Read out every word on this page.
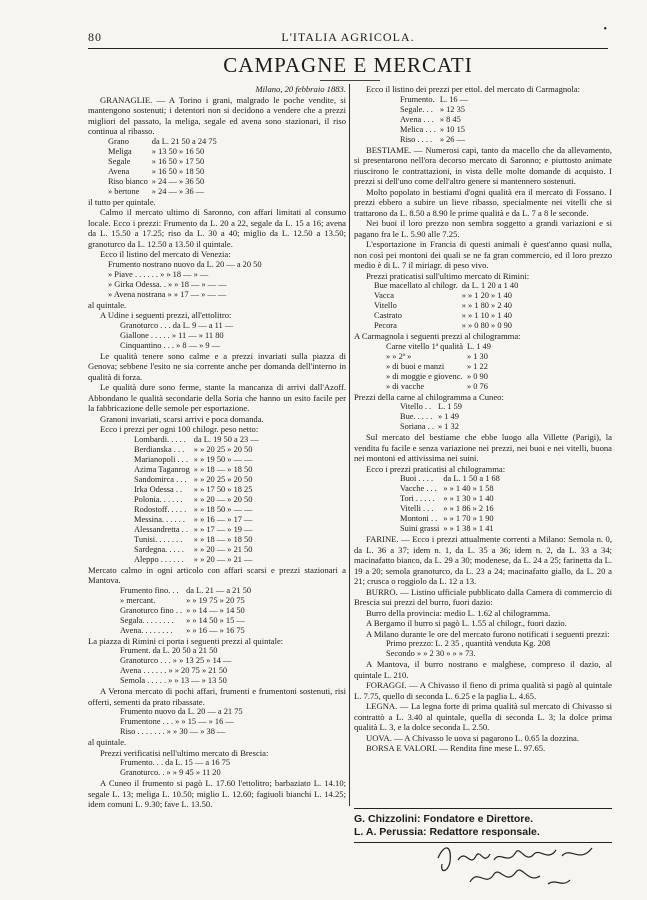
80	L'ITALIA AGRICOLA.
•
CAMPAGNE E MERCATI

Milano, 20 febbraio 1883.

GRANAGLIE. — A Torino i grani, malgrado le poche vendite, si mantengono sostenuti; i detentori non si decidono a vendere che a prezzi migliori del passato, la meliga, segale ed avena sono stazionari, il riso continua al ribasso.

Grano	da L. 21 50 a 24 75
Meliga	» 13 50 » 16 50
Segale	» 16 50 » 17 50
Avena	» 16 50 » 18 50
Riso bianco	» 24 — » 36 50
» bertone	» 24 — » 36 —

il tutto per quintale.

Calmo il mercato ultimo di Saronno, con affari limitati al consumo locale. Ecco i prezzi: Frumento da L. 20 a 22, segale da L. 15 a 16; avena da L. 15.50 a 17.25; riso da L. 30 a 40; miglio da L. 12.50 a 13.50; granoturco da L. 12.50 a 13.50 il quintale.

Ecco il listino del mercato di Venezia:

Frumento nostrano nuovo da L. 20 — a 20 50
» Piave . . . . . . » » 18 — » —
» Girka Odessa. . » » 18 — » — —
» Avena nostrana » » 17 — » — —

al quintale.

A Udine i seguenti prezzi, all'ettolitro:

Granoturco . . . da L. 9 — a 11 —
Giallone . . . . . » 11 — » 11 80
Cinquantino . . . » 8 — » 9 —

Le qualità tenere sono calme e a prezzi invariati sulla piazza di Genova; sebbene l'esito ne sia corrente anche per domanda dell'interno in qualità di forza.

Le qualità dure sono ferme, stante la mancanza di arrivi dall'Azoff. Abbondano le qualità secondarie della Soria che hanno un esito facile per la fabbricazione delle semole per esportazione.

Granoni invariati, scarsi arrivi e poca domanda.

Ecco i prezzi per ogni 100 chilogr. peso netto:

Lombardi. . . . .	da L. 19 50 a 23 —
Berdianska . . .	» » 20 25 » 20 50
Marianopoli . . .	» » 19 50 » — —
Azima Taganrog	» » 18 — » 18 50
Sandomirca . . .	» » 20 25 » 20 50
Irka Odessa . .	» » 17 50 » 18 25
Polonia. . . . . .	» » 20 — » 20 50
Rodostoff. . . . .	» » 18 50 » — —
Messina. . . . . .	» » 16 — » 17 —
Alessandretta . .	» » 17 — » 19 —
Tunisi. . . . . . .	» » 18 — » 18 50
Sardegna. . . . .	» » 20 — » 21 50
Aleppo . . . . . .	» » 20 — » 21 —

Mercato calmo in ogni articolo con affari scarsi e prezzi stazionari a Mantova.

Frumento fino. . .	da L. 21 — a 21 50
» mercant.	» » 19 75 » 20 75
Granoturco fino . .	» » 14 — » 14 50
Segala. . . . . . . .	» » 14 50 » 15 —
Avena. . . . . . . .	» » 16 — » 16 75

La piazza di Rimini ci porta i seguenti prezzi al quintale:

Frument. da L. 20 50 a 21 50
Granoturco . . . » » 13 25 » 14 —
Avena . . . . . . » » 20 75 » 21 50
Semola . . . . . » » 13 — » 13 50

A Verona mercato di pochi affari, frumenti e frumentoni sostenuti, risi offerti, sementi da prato ribassate.

Frumento nuovo da L. 20 — a 21 75
Frumentone . . . » » 15 — » 16 —
Riso . . . . . . . » » 30 — » 38 —

al quintale.

Prezzi verificatisi nell'ultimo mercato di Brescia:

Frumento. . . da L. 15 — a 16 75
Granoturco. . » » 9 45 » 11 20

A Cuneo il frumento si pagò L. 17.60 l'ettolitro; barbaziato L. 14.10; segale L. 13; meliga L. 10.50; miglio L. 12.60; fagiuoli bianchi L. 14.25; idem comuni L. 9.30; fave L. 13.50.

Ecco il listino dei prezzi per ettol. del mercato di Carmagnola:

Frumento.	L. 16 —
Segale. . .	» 12 35
Avena . . .	» 8 45
Melica . . .	» 10 15
Riso . . . .	» 26 —

BESTIAME. — Numerosi capi, tanto da macello che da allevamento, si presentarono nell'ora decorso mercato di Saronno; e piuttosto animate riuscirono le contrattazioni, in vista delle molte domande di acquisto. I prezzi si dell'uno come dell'altro genere si mantennero sostenuti.

Molto popolato in bestiami d'ogni qualità era il mercato di Fossano. I prezzi ebbero a subire un lieve ribasso, specialmente nei vitelli che si trattarono da L. 8.50 a 8.90 le prime qualità e da L. 7 a 8 le seconde.

Nei buoi il loro prezzo non sembra soggetto a grandi variazioni e si pagano fra le L. 5.90 alle 7.25.

L'esportazione in Francia di questi animali è quest'anno quasi nulla, non così pei montoni dei quali se ne fa gran commercio, ed il loro prezzo medio è di L. 7 il miriagr. di peso vivo.

Prezzi praticatisi sull'ultimo mercato di Rimini:

Bue macellato al chilogr.	da L. 1 20 a 1 40
Vacca	» » 1 20 » 1 40
Vitello	» » 1 80 » 2 40
Castrato	» » 1 10 » 1 40
Pecora	» » 0 80 » 0 90

A Carmagnola i seguenti prezzi al chilogramma:

Carne vitello 1ª qualità	L. 1 49
» » 2ª »	» 1 30
» di buoi e manzi	» 1 22
» di moggie e giovenc.	» 0 90
» di vacche	» 0 76

Prezzi della carne al chilogramma a Cuneo:

Vitello . .	L. 1 59
Bue. . . . .	» 1 49
Soriana . .	» 1 32

Sul mercato del bestiame che ebbe luogo alla Villette (Parigi), la vendita fu facile e senza variazione nei prezzi, nei buoi e nei vitelli, buona nei montoni ed attivissima nei suini.

Ecco i prezzi praticatisi al chilogramma:

Buoi . . . .	da L. 1 50 a 1 68
Vacche . . .	» » 1 40 » 1 58
Tori . . . . .	» » 1 30 » 1 40
Vitelli . . .	» » 1 86 » 2 16
Montoni . .	» » 1 70 » 1 90
Suini grassi	» » 1 38 » 1 41

FARINE. — Ecco i prezzi attualmente correnti a Milano: Semola n. 0, da L. 36 a 37; idem n. 1, da L. 35 a 36; idem n. 2, da L. 33 a 34; macinafatto bianco, da L. 29 a 30; modenese, da L. 24 a 25; farinetta da L. 19 a 20; semola granoturco, da L. 23 a 24; macinafatto giallo, da L. 20 a 21; crusca o roggiolo da L. 12 a 13.

BURRO. — Listino ufficiale pubblicato dalla Camera di commercio di Brescia sui prezzi del burro, fuori dazio:

Burro della provincia: medio L. 1.62 al chilogramma.

A Bergamo il burro si pagò L. 1.55 al chilogr., fuori dazio.

A Milano durante le ore del mercato furono notificati i seguenti prezzi:

Primo prezzo: L. 2 35 , quantità venduta Kg. 208
Secondo » » 2 30 » » » 73.

A Mantova, il burro nostrano e malghese, compreso il dazio, al quintale L. 210.

FORAGGI. — A Chivasso il fieno di prima qualità si pagò al quintale L. 7.75, quello di seconda L. 6.25 e la paglia L. 4.65.

LEGNA. — La legna forte di prima qualità sul mercato di Chivasso si contrattò a L. 3.40 al quintale, quella di seconda L. 3; la dolce prima qualità L. 3, e la dolce seconda L. 2.50.

UOVA. — A Chivasso le uova si pagarono L. 0.65 la dozzina.

BORSA E VALORI. — Rendita fine mese L. 97.65.

G. Chizzolini: Fondatore e Direttore.
L. A. Perussia: Redattore responsale.
